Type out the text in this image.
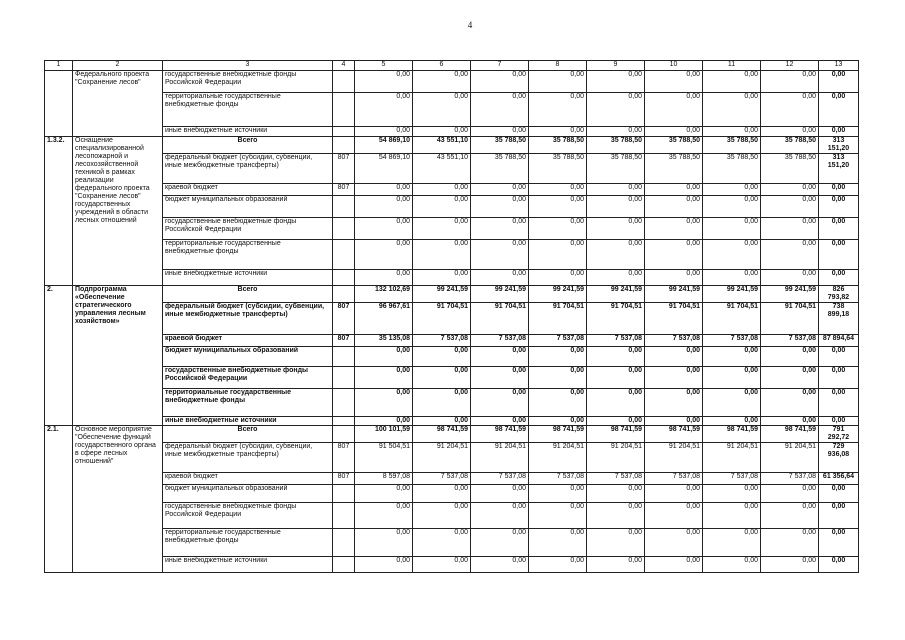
4
1	2	3	4	5	6	7	8	9	10	11	12	13
	Федерального проекта "Сохранение лесов"	государственные внебюджетные фонды Российской Федерации		0,00	0,00	0,00	0,00	0,00	0,00	0,00	0,00	0,00
		территориальные государственные внебюджетные фонды		0,00	0,00	0,00	0,00	0,00	0,00	0,00	0,00	0,00
		иные внебюджетные источники		0,00	0,00	0,00	0,00	0,00	0,00	0,00	0,00	0,00
1.3.2.	Оснащение специализированной лесопожарной и лесохозяйственной техникой в рамках реализации федерального проекта "Сохранение лесов" государственных учреждений в области лесных отношений	Всего		54 869,10	43 551,10	35 788,50	35 788,50	35 788,50	35 788,50	35 788,50	35 788,50	313 151,20
		федеральный бюджет (субсидии, субвенции, иные межбюджетные трансферты)	807	54 869,10	43 551,10	35 788,50	35 788,50	35 788,50	35 788,50	35 788,50	35 788,50	313 151,20
		краевой бюджет	807	0,00	0,00	0,00	0,00	0,00	0,00	0,00	0,00	0,00
		бюджет муниципальных образований		0,00	0,00	0,00	0,00	0,00	0,00	0,00	0,00	0,00
		государственные внебюджетные фонды Российской Федерации		0,00	0,00	0,00	0,00	0,00	0,00	0,00	0,00	0,00
		территориальные государственные внебюджетные фонды		0,00	0,00	0,00	0,00	0,00	0,00	0,00	0,00	0,00
		иные внебюджетные источники		0,00	0,00	0,00	0,00	0,00	0,00	0,00	0,00	0,00
2.	Подпрограмма «Обеспечение стратегического управления лесным хозяйством»	Всего		132 102,69	99 241,59	99 241,59	99 241,59	99 241,59	99 241,59	99 241,59	99 241,59	826 793,82
		федеральный бюджет (субсидии, субвенции, иные межбюджетные трансферты)	807	96 967,61	91 704,51	91 704,51	91 704,51	91 704,51	91 704,51	91 704,51	91 704,51	738 899,18
		краевой бюджет	807	35 135,08	7 537,08	7 537,08	7 537,08	7 537,08	7 537,08	7 537,08	7 537,08	87 894,64
		бюджет муниципальных образований		0,00	0,00	0,00	0,00	0,00	0,00	0,00	0,00	0,00
		государственные внебюджетные фонды Российской Федерации		0,00	0,00	0,00	0,00	0,00	0,00	0,00	0,00	0,00
		территориальные государственные внебюджетные фонды		0,00	0,00	0,00	0,00	0,00	0,00	0,00	0,00	0,00
		иные внебюджетные источники		0,00	0,00	0,00	0,00	0,00	0,00	0,00	0,00	0,00
2.1.	Основное мероприятие "Обеспечение функций государственного органа в сфере лесных отношений"	Всего		100 101,59	98 741,59	98 741,59	98 741,59	98 741,59	98 741,59	98 741,59	98 741,59	791 292,72
		федеральный бюджет (субсидии, субвенции, иные межбюджетные трансферты)	807	91 504,51	91 204,51	91 204,51	91 204,51	91 204,51	91 204,51	91 204,51	91 204,51	729 936,08
		краевой бюджет	807	8 597,08	7 537,08	7 537,08	7 537,08	7 537,08	7 537,08	7 537,08	7 537,08	61 356,64
		бюджет муниципальных образований		0,00	0,00	0,00	0,00	0,00	0,00	0,00	0,00	0,00
		государственные внебюджетные фонды Российской Федерации		0,00	0,00	0,00	0,00	0,00	0,00	0,00	0,00	0,00
		территориальные государственные внебюджетные фонды		0,00	0,00	0,00	0,00	0,00	0,00	0,00	0,00	0,00
		иные внебюджетные источники		0,00	0,00	0,00	0,00	0,00	0,00	0,00	0,00	0,00
